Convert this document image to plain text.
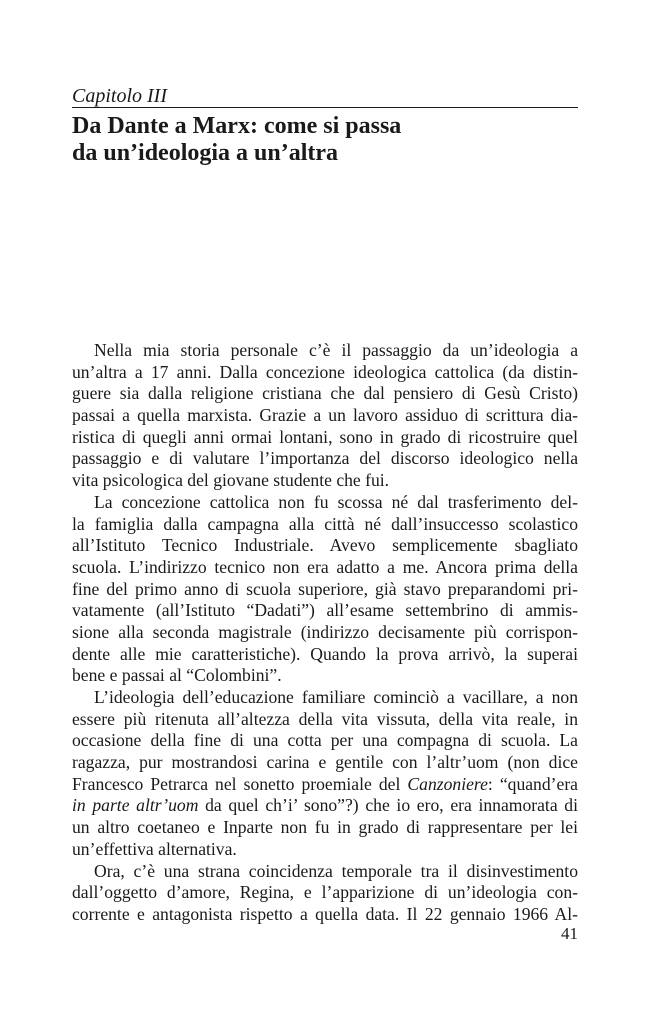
Capitolo III

Da Dante a Marx: come si passa
da un’ideologia a un’altra
Nella mia storia personale c’è il passaggio da un’ideologia a
un’altra a 17 anni. Dalla concezione ideologica cattolica (da distin-
guere sia dalla religione cristiana che dal pensiero di Gesù Cristo)
passai a quella marxista. Grazie a un lavoro assiduo di scrittura dia-
ristica di quegli anni ormai lontani, sono in grado di ricostruire quel
passaggio e di valutare l’importanza del discorso ideologico nella
vita psicologica del giovane studente che fui.
La concezione cattolica non fu scossa né dal trasferimento del-
la famiglia dalla campagna alla città né dall’insuccesso scolastico
all’Istituto Tecnico Industriale. Avevo semplicemente sbagliato
scuola. L’indirizzo tecnico non era adatto a me. Ancora prima della
fine del primo anno di scuola superiore, già stavo preparandomi pri-
vatamente (all’Istituto “Dadati”) all’esame settembrino di ammis-
sione alla seconda magistrale (indirizzo decisamente più corrispon-
dente alle mie caratteristiche). Quando la prova arrivò, la superai
bene e passai al “Colombini”.
L’ideologia dell’educazione familiare cominciò a vacillare, a non
essere più ritenuta all’altezza della vita vissuta, della vita reale, in
occasione della fine di una cotta per una compagna di scuola. La
ragazza, pur mostrandosi carina e gentile con l’altr’uom (non dice
Francesco Petrarca nel sonetto proemiale del Canzoniere: “quand’era
in parte altr’uom da quel ch’i’ sono”?) che io ero, era innamorata di
un altro coetaneo e Inparte non fu in grado di rappresentare per lei
un’effettiva alternativa.
Ora, c’è una strana coincidenza temporale tra il disinvestimento
dall’oggetto d’amore, Regina, e l’apparizione di un’ideologia con-
corrente e antagonista rispetto a quella data. Il 22 gennaio 1966 Al-

41
